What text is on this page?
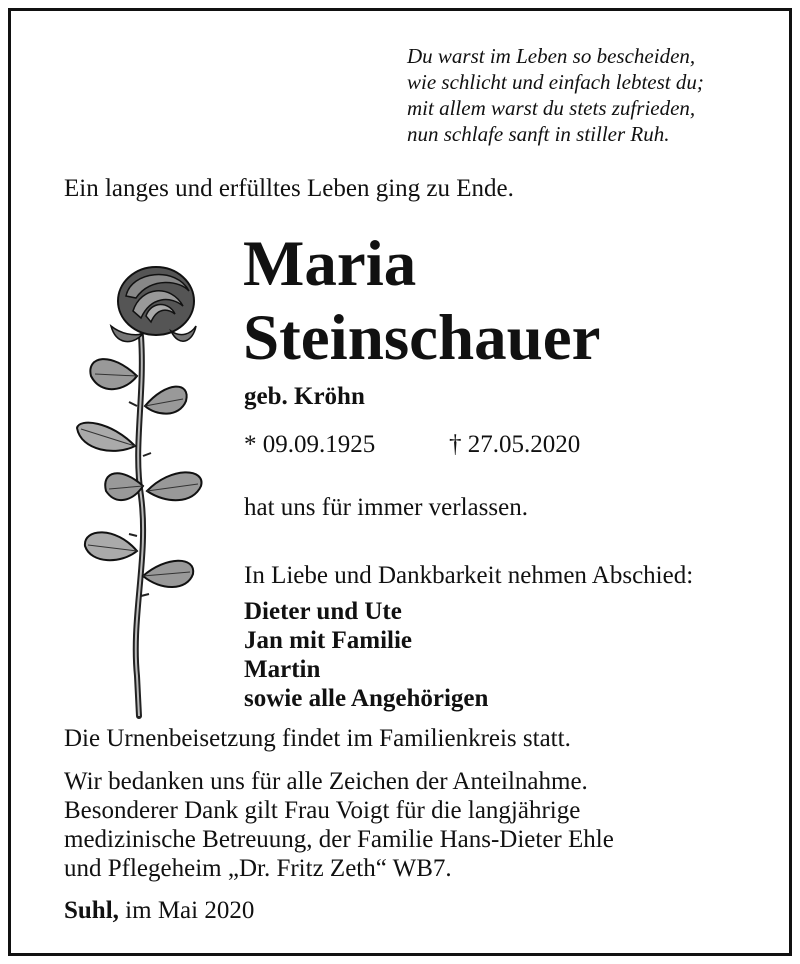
Du warst im Leben so bescheiden,
wie schlicht und einfach lebtest du;
mit allem warst du stets zufrieden,
nun schlafe sanft in stiller Ruh.
Ein langes und erfülltes Leben ging zu Ende.
Maria
Steinschauer
geb. Kröhn
* 09.09.1925	† 27.05.2020
hat uns für immer verlassen.
In Liebe und Dankbarkeit nehmen Abschied:
Dieter und Ute
Jan mit Familie
Martin
sowie alle Angehörigen
Die Urnenbeisetzung findet im Familienkreis statt.
Wir bedanken uns für alle Zeichen der Anteilnahme.
Besonderer Dank gilt Frau Voigt für die langjährige
medizinische Betreuung, der Familie Hans-Dieter Ehle
und Pflegeheim „Dr. Fritz Zeth“ WB7.
Suhl, im Mai 2020
